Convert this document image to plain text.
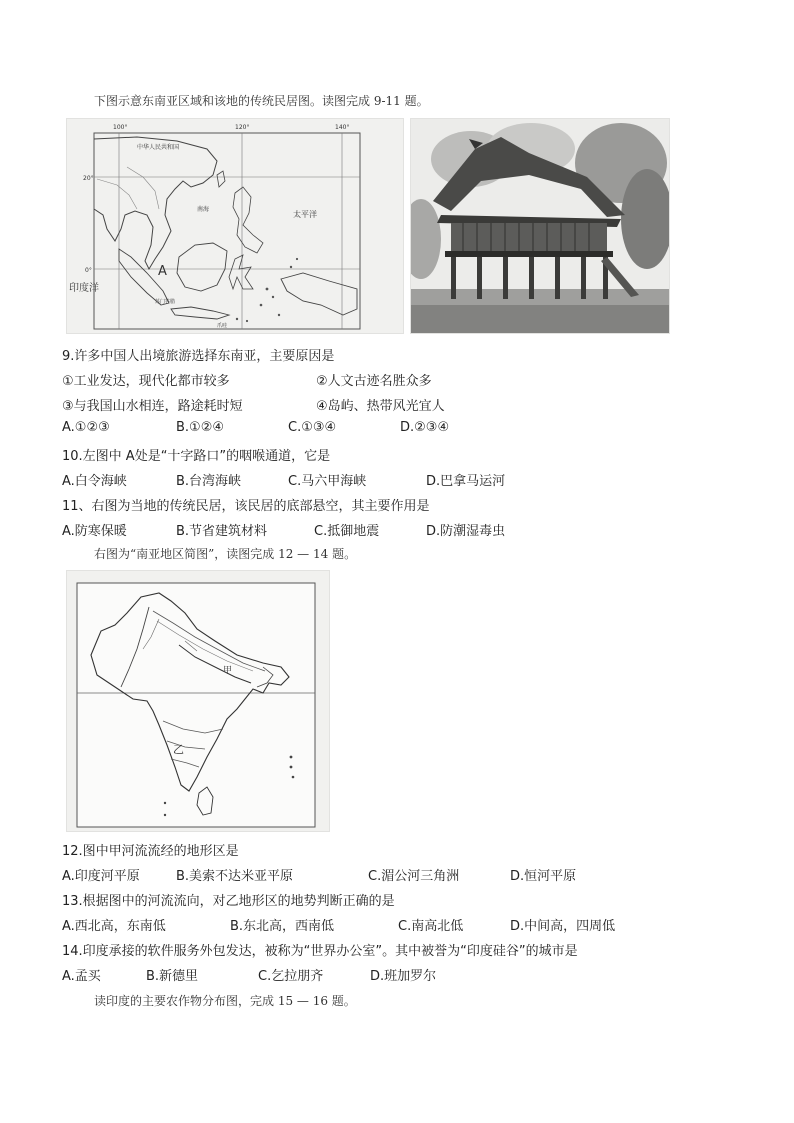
下图示意东南亚区域和该地的传统民居图。读图完成 9-11 题。
100°	120°	140°
20°
0°
中华人民共和国
南海
太平洋
印度洋
A
苏门答腊
爪哇
9.许多中国人出境旅游选择东南亚，主要原因是
①工业发达，现代化都市较多	②人文古迹名胜众多
③与我国山水相连，路途耗时短	④岛屿、热带风光宜人
A.①②③	B.①②④	C.①③④	D.②③④
10.左图中 A处是“十字路口”的咽喉通道，它是
A.白令海峡	B.台湾海峡	C.马六甲海峡	D.巴拿马运河
11、右图为当地的传统民居，该民居的底部悬空，其主要作用是
A.防寒保暖	B.节省建筑材料	C.抵御地震	D.防潮湿毒虫
右图为“南亚地区简图”，读图完成 12 — 14 题。
甲
乙
12.图中甲河流流经的地形区是
A.印度河平原	B.美索不达米亚平原	C.湄公河三角洲	D.恒河平原
13.根据图中的河流流向，对乙地形区的地势判断正确的是
A.西北高，东南低	B.东北高，西南低	C.南高北低	D.中间高，四周低
14.印度承接的软件服务外包发达，被称为“世界办公室”。其中被誉为“印度硅谷”的城市是
A.孟买	B.新德里	C.乞拉朋齐	D.班加罗尔
读印度的主要农作物分布图，完成 15 — 16 题。
